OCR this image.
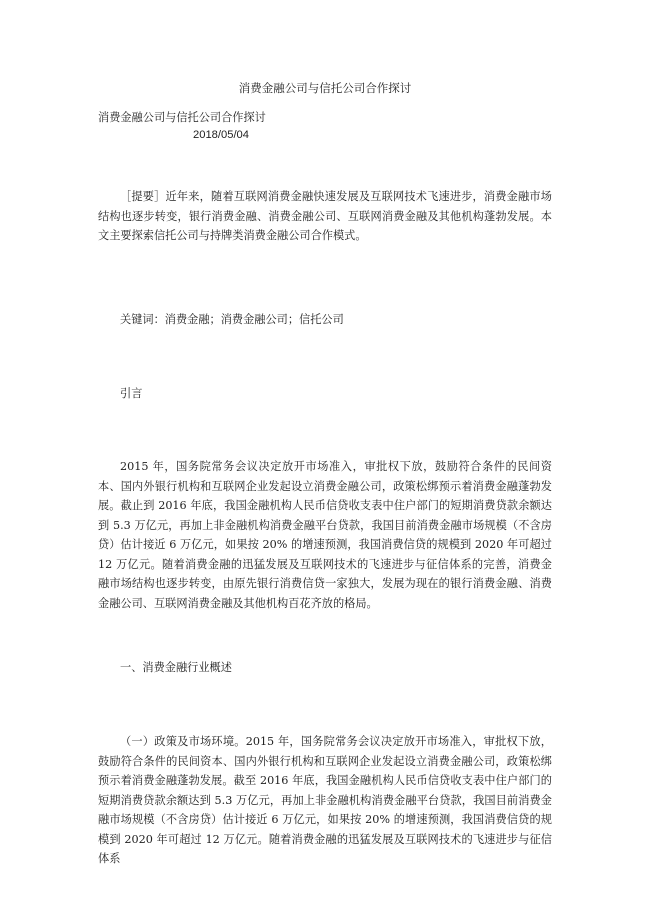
消费金融公司与信托公司合作探讨
消费金融公司与信托公司合作探讨
2018/05/04

［提要］近年来，随着互联网消费金融快速发展及互联网技术飞速进步，消费金融市场结构也逐步转变，银行消费金融、消费金融公司、互联网消费金融及其他机构蓬勃发展。本文主要探索信托公司与持牌类消费金融公司合作模式。

关键词：消费金融；消费金融公司；信托公司
引言

2015 年，国务院常务会议决定放开市场准入，审批权下放，鼓励符合条件的民间资本、国内外银行机构和互联网企业发起设立消费金融公司，政策松绑预示着消费金融蓬勃发展。截止到 2016 年底，我国金融机构人民币信贷收支表中住户部门的短期消费贷款余额达到 5.3 万亿元，再加上非金融机构消费金融平台贷款，我国目前消费金融市场规模（不含房贷）估计接近 6 万亿元，如果按 20% 的增速预测，我国消费信贷的规模到 2020 年可超过 12 万亿元。随着消费金融的迅猛发展及互联网技术的飞速进步与征信体系的完善，消费金融市场结构也逐步转变，由原先银行消费信贷一家独大，发展为现在的银行消费金融、消费金融公司、互联网消费金融及其他机构百花齐放的格局。

一、消费金融行业概述

（一）政策及市场环境。2015 年，国务院常务会议决定放开市场准入，审批权下放，鼓励符合条件的民间资本、国内外银行机构和互联网企业发起设立消费金融公司，政策松绑预示着消费金融蓬勃发展。截至 2016 年底，我国金融机构人民币信贷收支表中住户部门的短期消费贷款余额达到 5.3 万亿元，再加上非金融机构消费金融平台贷款，我国目前消费金融市场规模（不含房贷）估计接近 6 万亿元，如果按 20% 的增速预测，我国消费信贷的规模到 2020 年可超过 12 万亿元。随着消费金融的迅猛发展及互联网技术的飞速进步与征信体系
